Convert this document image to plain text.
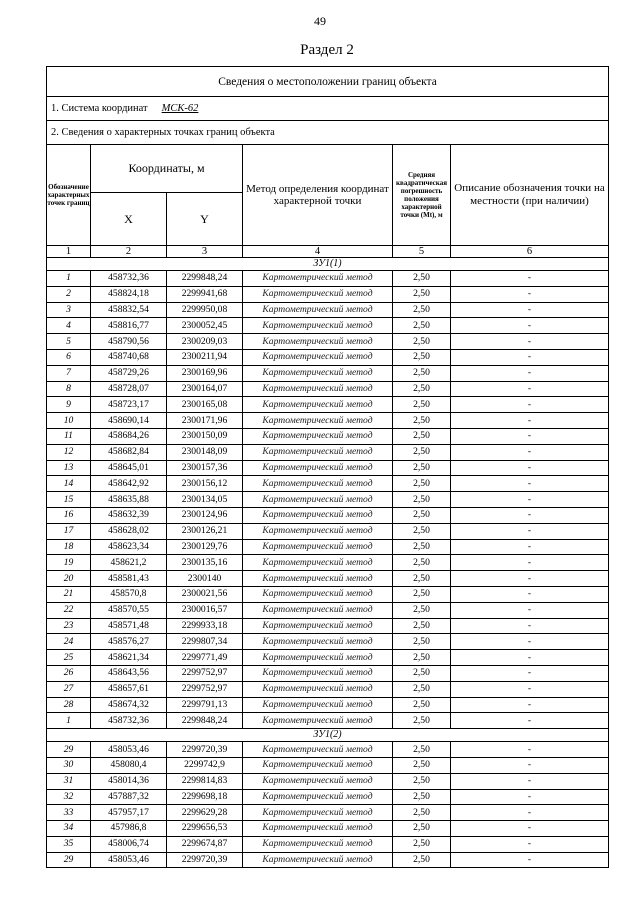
49
Раздел 2
Сведения о местоположении границ объекта
1. Система координат МСК-62
2. Сведения о характерных точках границ объекта
Обозначение характерных точек границ	Координаты, м		Метод определения координат характерной точки	Средняя квадратическая погрешность положения характерной точки (Mt), м	Описание обозначения точки на местности (при наличии)
	X	Y			
1	2	3	4	5	6
ЗУ1(1)					
1	458732,36	2299848,24	Картометрический метод	2,50	-
2	458824,18	2299941,68	Картометрический метод	2,50	-
3	458832,54	2299950,08	Картометрический метод	2,50	-
4	458816,77	2300052,45	Картометрический метод	2,50	-
5	458790,56	2300209,03	Картометрический метод	2,50	-
6	458740,68	2300211,94	Картометрический метод	2,50	-
7	458729,26	2300169,96	Картометрический метод	2,50	-
8	458728,07	2300164,07	Картометрический метод	2,50	-
9	458723,17	2300165,08	Картометрический метод	2,50	-
10	458690,14	2300171,96	Картометрический метод	2,50	-
11	458684,26	2300150,09	Картометрический метод	2,50	-
12	458682,84	2300148,09	Картометрический метод	2,50	-
13	458645,01	2300157,36	Картометрический метод	2,50	-
14	458642,92	2300156,12	Картометрический метод	2,50	-
15	458635,88	2300134,05	Картометрический метод	2,50	-
16	458632,39	2300124,96	Картометрический метод	2,50	-
17	458628,02	2300126,21	Картометрический метод	2,50	-
18	458623,34	2300129,76	Картометрический метод	2,50	-
19	458621,2	2300135,16	Картометрический метод	2,50	-
20	458581,43	2300140	Картометрический метод	2,50	-
21	458570,8	2300021,56	Картометрический метод	2,50	-
22	458570,55	2300016,57	Картометрический метод	2,50	-
23	458571,48	2299933,18	Картометрический метод	2,50	-
24	458576,27	2299807,34	Картометрический метод	2,50	-
25	458621,34	2299771,49	Картометрический метод	2,50	-
26	458643,56	2299752,97	Картометрический метод	2,50	-
27	458657,61	2299752,97	Картометрический метод	2,50	-
28	458674,32	2299791,13	Картометрический метод	2,50	-
1	458732,36	2299848,24	Картометрический метод	2,50	-
ЗУ1(2)					
29	458053,46	2299720,39	Картометрический метод	2,50	-
30	458080,4	2299742,9	Картометрический метод	2,50	-
31	458014,36	2299814,83	Картометрический метод	2,50	-
32	457887,32	2299698,18	Картометрический метод	2,50	-
33	457957,17	2299629,28	Картометрический метод	2,50	-
34	457986,8	2299656,53	Картометрический метод	2,50	-
35	458006,74	2299674,87	Картометрический метод	2,50	-
29	458053,46	2299720,39	Картометрический метод	2,50	-
